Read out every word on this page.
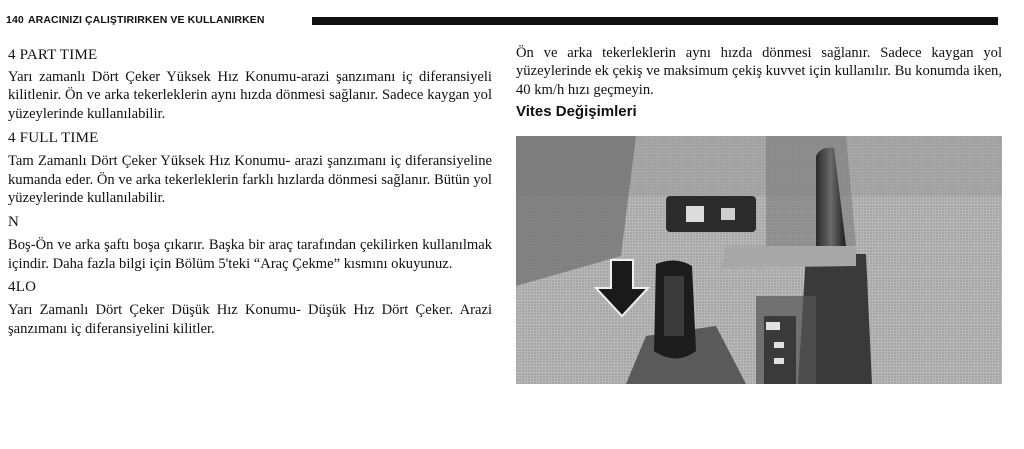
140 ARACINIZI ÇALIŞTIRIRKEN VE KULLANIRKEN
4 PART TIME

Yarı zamanlı Dört Çeker Yüksek Hız Konumu-arazi şanzımanı iç diferansiyeli kilitlenir. Ön ve arka tekerleklerin aynı hızda dönmesi sağlanır. Sadece kaygan yol yüzeylerinde kullanılabilir.

4 FULL TIME

Tam Zamanlı Dört Çeker Yüksek Hız Konumu- arazi şanzımanı iç diferansiyeline kumanda eder. Ön ve arka tekerleklerin farklı hızlarda dönmesi sağlanır. Bütün yol yüzeylerinde kullanılabilir.

N

Boş-Ön ve arka şaftı boşa çıkarır. Başka bir araç tarafından çekilirken kullanılmak içindir. Daha fazla bilgi için Bölüm 5'teki “Araç Çekme” kısmını okuyunuz.

4LO

Yarı Zamanlı Dört Çeker Düşük Hız Konumu- Düşük Hız Dört Çeker. Arazi şanzımanı iç diferansiyelini kilitler.

Ön ve arka tekerleklerin aynı hızda dönmesi sağlanır. Sadece kaygan yol yüzeylerinde ek çekiş ve maksimum çekiş kuvvet için kullanılır. Bu konumda iken, 40 km/h hızı geçmeyin.

Vites Değişimleri
